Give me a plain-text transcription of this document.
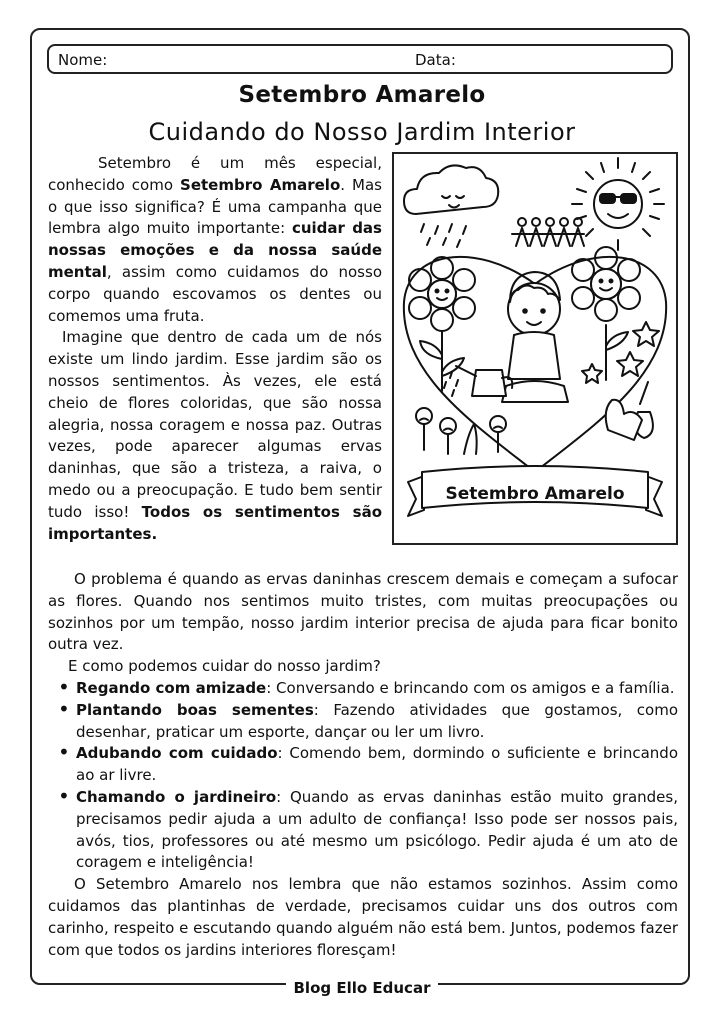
Nome:	Data:
Setembro Amarelo
Cuidando do Nosso Jardim Interior

Setembro é um mês especial, conhecido como Setembro Amarelo. Mas o que isso significa? É uma campanha que lembra algo muito importante: cuidar das nossas emoções e da nossa saúde mental, assim como cuidamos do nosso corpo quando escovamos os dentes ou comemos uma fruta.

Imagine que dentro de cada um de nós existe um lindo jardim. Esse jardim são os nossos sentimentos. Às vezes, ele está cheio de flores coloridas, que são nossa alegria, nossa coragem e nossa paz. Outras vezes, pode aparecer algumas ervas daninhas, que são a tristeza, a raiva, o medo ou a preocupação. E tudo bem sentir tudo isso! Todos os sentimentos são importantes.

Setembro Amarelo

O problema é quando as ervas daninhas crescem demais e começam a sufocar as flores. Quando nos sentimos muito tristes, com muitas preocupações ou sozinhos por um tempão, nosso jardim interior precisa de ajuda para ficar bonito outra vez.

E como podemos cuidar do nosso jardim?

• Regando com amizade: Conversando e brincando com os amigos e a família.
• Plantando boas sementes: Fazendo atividades que gostamos, como desenhar, praticar um esporte, dançar ou ler um livro.
• Adubando com cuidado: Comendo bem, dormindo o suficiente e brincando ao ar livre.
• Chamando o jardineiro: Quando as ervas daninhas estão muito grandes, precisamos pedir ajuda a um adulto de confiança! Isso pode ser nossos pais, avós, tios, professores ou até mesmo um psicólogo. Pedir ajuda é um ato de coragem e inteligência!

O Setembro Amarelo nos lembra que não estamos sozinhos. Assim como cuidamos das plantinhas de verdade, precisamos cuidar uns dos outros com carinho, respeito e escutando quando alguém não está bem. Juntos, podemos fazer com que todos os jardins interiores floresçam!

Blog Ello Educar
